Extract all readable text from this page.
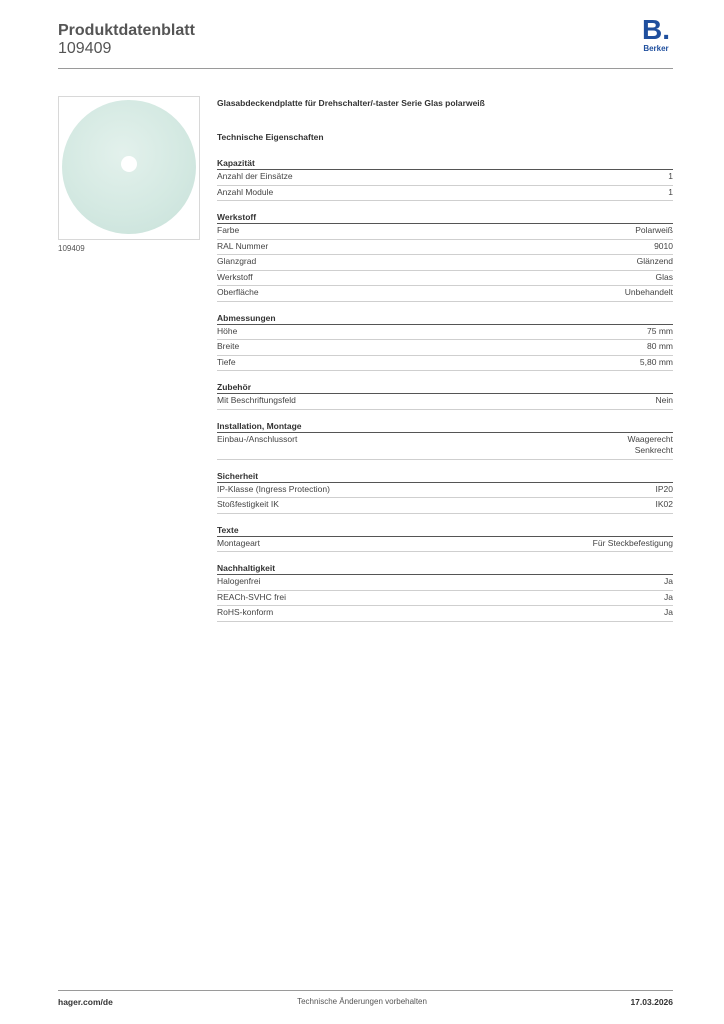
Produktdatenblatt
109409
B.
Berker
109409
Glasabdeckendplatte für Drehschalter/-taster Serie Glas polarweiß
Technische Eigenschaften
Kapazität
Anzahl der Einsätze	1
Anzahl Module	1
Werkstoff
Farbe	Polarweiß
RAL Nummer	9010
Glanzgrad	Glänzend
Werkstoff	Glas
Oberfläche	Unbehandelt
Abmessungen
Höhe	75 mm
Breite	80 mm
Tiefe	5,80 mm
Zubehör
Mit Beschriftungsfeld	Nein
Installation, Montage
Einbau-/Anschlussort	Waagerecht
Senkrecht
Sicherheit
IP-Klasse (Ingress Protection)	IP20
Stoßfestigkeit IK	IK02
Texte
Montageart	Für Steckbefestigung
Nachhaltigkeit
Halogenfrei	Ja
REACh-SVHC frei	Ja
RoHS-konform	Ja
hager.com/de	Technische Änderungen vorbehalten	17.03.2026
